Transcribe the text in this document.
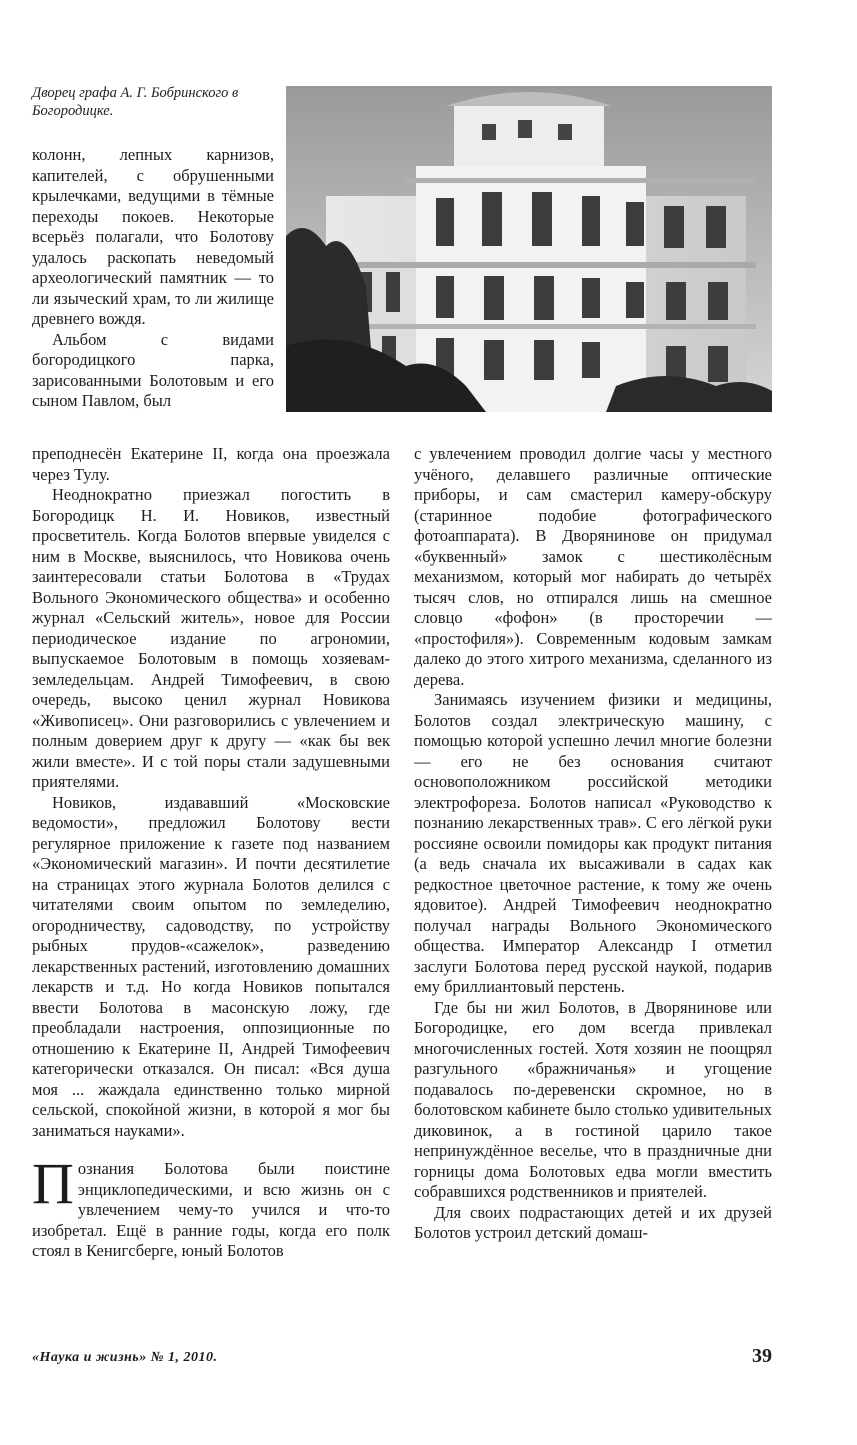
Дворец графа А. Г. Бобринского в Богородицке.

колонн, лепных карнизов, капителей, с обрушенными крылечками, ведущими в тёмные переходы покоев. Некоторые всерьёз полагали, что Болотову удалось раскопать неведомый археологический памятник — то ли языческий храм, то ли жилище древнего вождя.

Альбом с видами богородицкого парка, зарисованными Болотовым и его сыном Павлом, был

преподнесён Екатерине II, когда она проезжала через Тулу.

Неоднократно приезжал погостить в Богородицк Н. И. Новиков, известный просветитель. Когда Болотов впервые увиделся с ним в Москве, выяснилось, что Новикова очень заинтересовали статьи Болотова в «Трудах Вольного Экономического общества» и особенно журнал «Сельский житель», новое для России периодическое издание по агрономии, выпускаемое Болотовым в помощь хозяевам-земледельцам. Андрей Тимофеевич, в свою очередь, высоко ценил журнал Новикова «Живописец». Они разговорились с увлечением и полным доверием друг к другу — «как бы век жили вместе». И с той поры стали задушевными приятелями.

Новиков, издававший «Московские ведомости», предложил Болотову вести регулярное приложение к газете под названием «Экономический магазин». И почти десятилетие на страницах этого журнала Болотов делился с читателями своим опытом по земледелию, огородничеству, садоводству, по устройству рыбных прудов-«сажелок», разведению лекарственных растений, изготовлению домашних лекарств и т.д. Но когда Новиков попытался ввести Болотова в масонскую ложу, где преобладали настроения, оппозиционные по отношению к Екатерине II, Андрей Тимофеевич категорически отказался. Он писал: «Вся душа моя ... жаждала единственно только мирной сельской, спокойной жизни, в которой я мог бы заниматься науками».

Познания Болотова были поистине энциклопедическими, и всю жизнь он с увлечением чему-то учился и что-то изобретал. Ещё в ранние годы, когда его полк стоял в Кенигсберге, юный Болотов

с увлечением проводил долгие часы у местного учёного, делавшего различные оптические приборы, и сам смастерил камеру-обскуру (старинное подобие фотографического фотоаппарата). В Дворянинове он придумал «буквенный» замок с шестиколёсным механизмом, который мог набирать до четырёх тысяч слов, но отпирался лишь на смешное словцо «фофон» (в просторечии — «простофиля»). Современным кодовым замкам далеко до этого хитрого механизма, сделанного из дерева.

Занимаясь изучением физики и медицины, Болотов создал электрическую машину, с помощью которой успешно лечил многие болезни — его не без основания считают основоположником российской методики электрофореза. Болотов написал «Руководство к познанию лекарственных трав». С его лёгкой руки россияне освоили помидоры как продукт питания (а ведь сначала их высаживали в садах как редкостное цветочное растение, к тому же очень ядовитое). Андрей Тимофеевич неоднократно получал награды Вольного Экономического общества. Император Александр I отметил заслуги Болотова перед русской наукой, подарив ему бриллиантовый перстень.

Где бы ни жил Болотов, в Дворянинове или Богородицке, его дом всегда привлекал многочисленных гостей. Хотя хозяин не поощрял разгульного «бражничанья» и угощение подавалось по-деревенски скромное, но в болотовском кабинете было столько удивительных диковинок, а в гостиной царило такое непринуждённое веселье, что в праздничные дни горницы дома Болотовых едва могли вместить собравшихся родственников и приятелей.

Для своих подрастающих детей и их друзей Болотов устроил детский домаш-

«Наука и жизнь» № 1, 2010.	39
